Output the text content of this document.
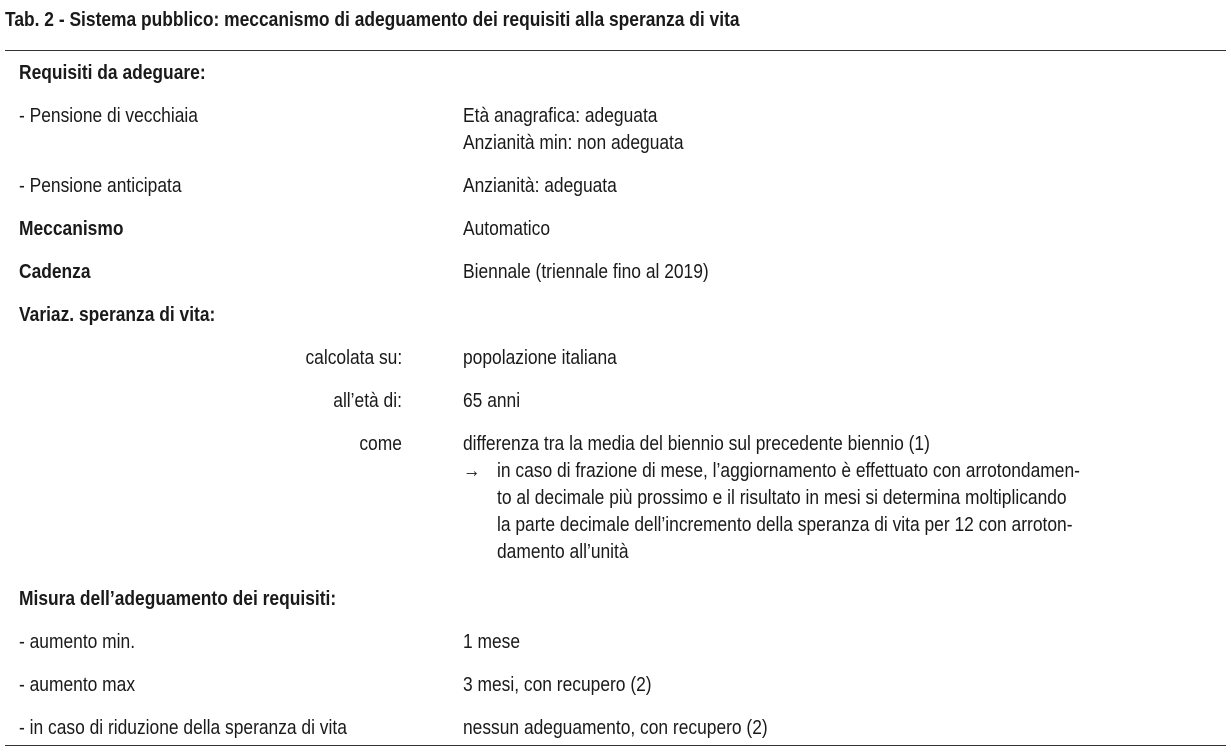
Tab. 2 - Sistema pubblico: meccanismo di adeguamento dei requisiti alla speranza di vita
Requisiti da adeguare:
- Pensione di vecchiaia	Età anagrafica: adeguata
Anzianità min: non adeguata
- Pensione anticipata	Anzianità: adeguata
Meccanismo	Automatico
Cadenza	Biennale (triennale fino al 2019)
Variaz. speranza di vita:
calcolata su:	popolazione italiana
all’età di:	65 anni
come	differenza tra la media del biennio sul precedente biennio (1)
→ in caso di frazione di mese, l’aggiornamento è effettuato con arrotondamen-
to al decimale più prossimo e il risultato in mesi si determina moltiplicando
la parte decimale dell’incremento della speranza di vita per 12 con arroton-
damento all’unità
Misura dell’adeguamento dei requisiti:
- aumento min.	1 mese
- aumento max	3 mesi, con recupero (2)
- in caso di riduzione della speranza di vita	nessun adeguamento, con recupero (2)
